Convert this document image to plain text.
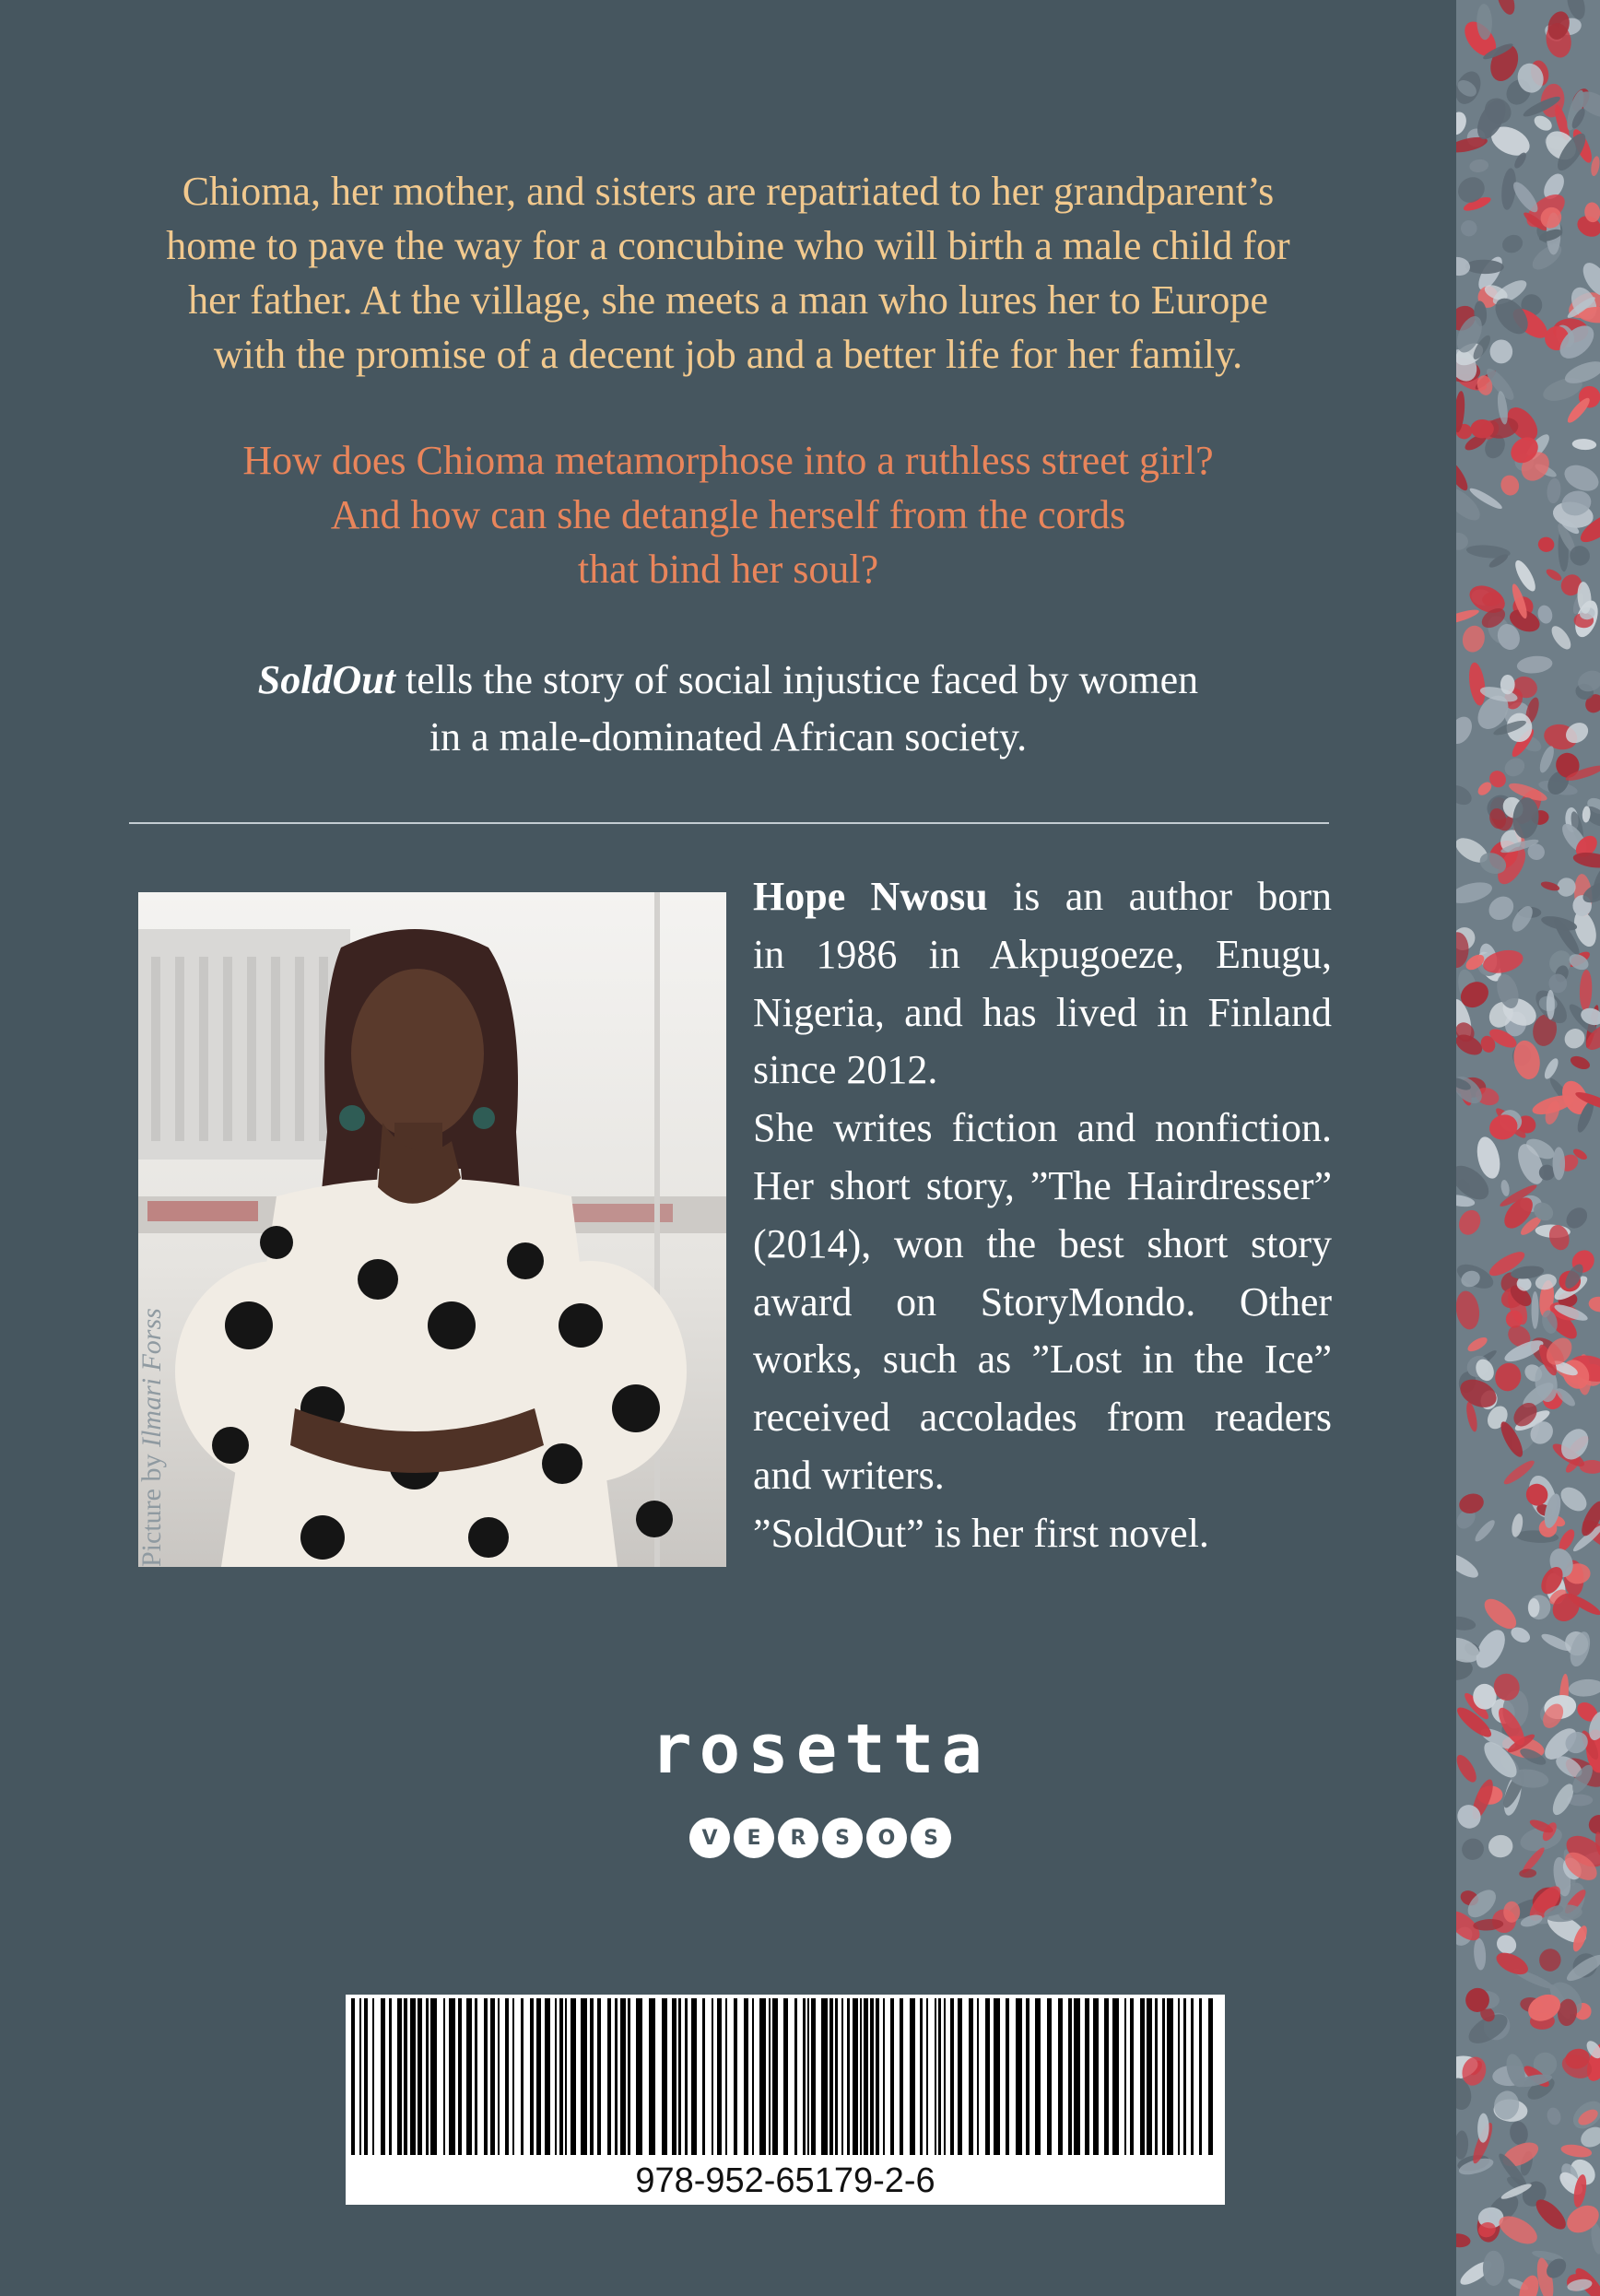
Chioma, her mother, and sisters are repatriated to her grandparent’s
home to pave the way for a concubine who will birth a male child for
her father. At the village, she meets a man who lures her to Europe
with the promise of a decent job and a better life for her family.

How does Chioma metamorphose into a ruthless street girl?
And how can she detangle herself from the cords
that bind her soul?

SoldOut tells the story of social injustice faced by women
in a male-dominated African society.

Picture by Ilmari Forss
Hope Nwosu is an author born
in 1986 in Akpugoeze, Enugu,
Nigeria, and has lived in Finland
since 2012.
She writes fiction and nonfiction.
Her short story, ”The Hairdresser”
(2014), won the best short story
award on StoryMondo. Other
works, such as ”Lost in the Ice”
received accolades from readers
and writers.
”SoldOut” is her first novel.
rosetta
V	E	R	S	O	S
978-952-65179-2-6
